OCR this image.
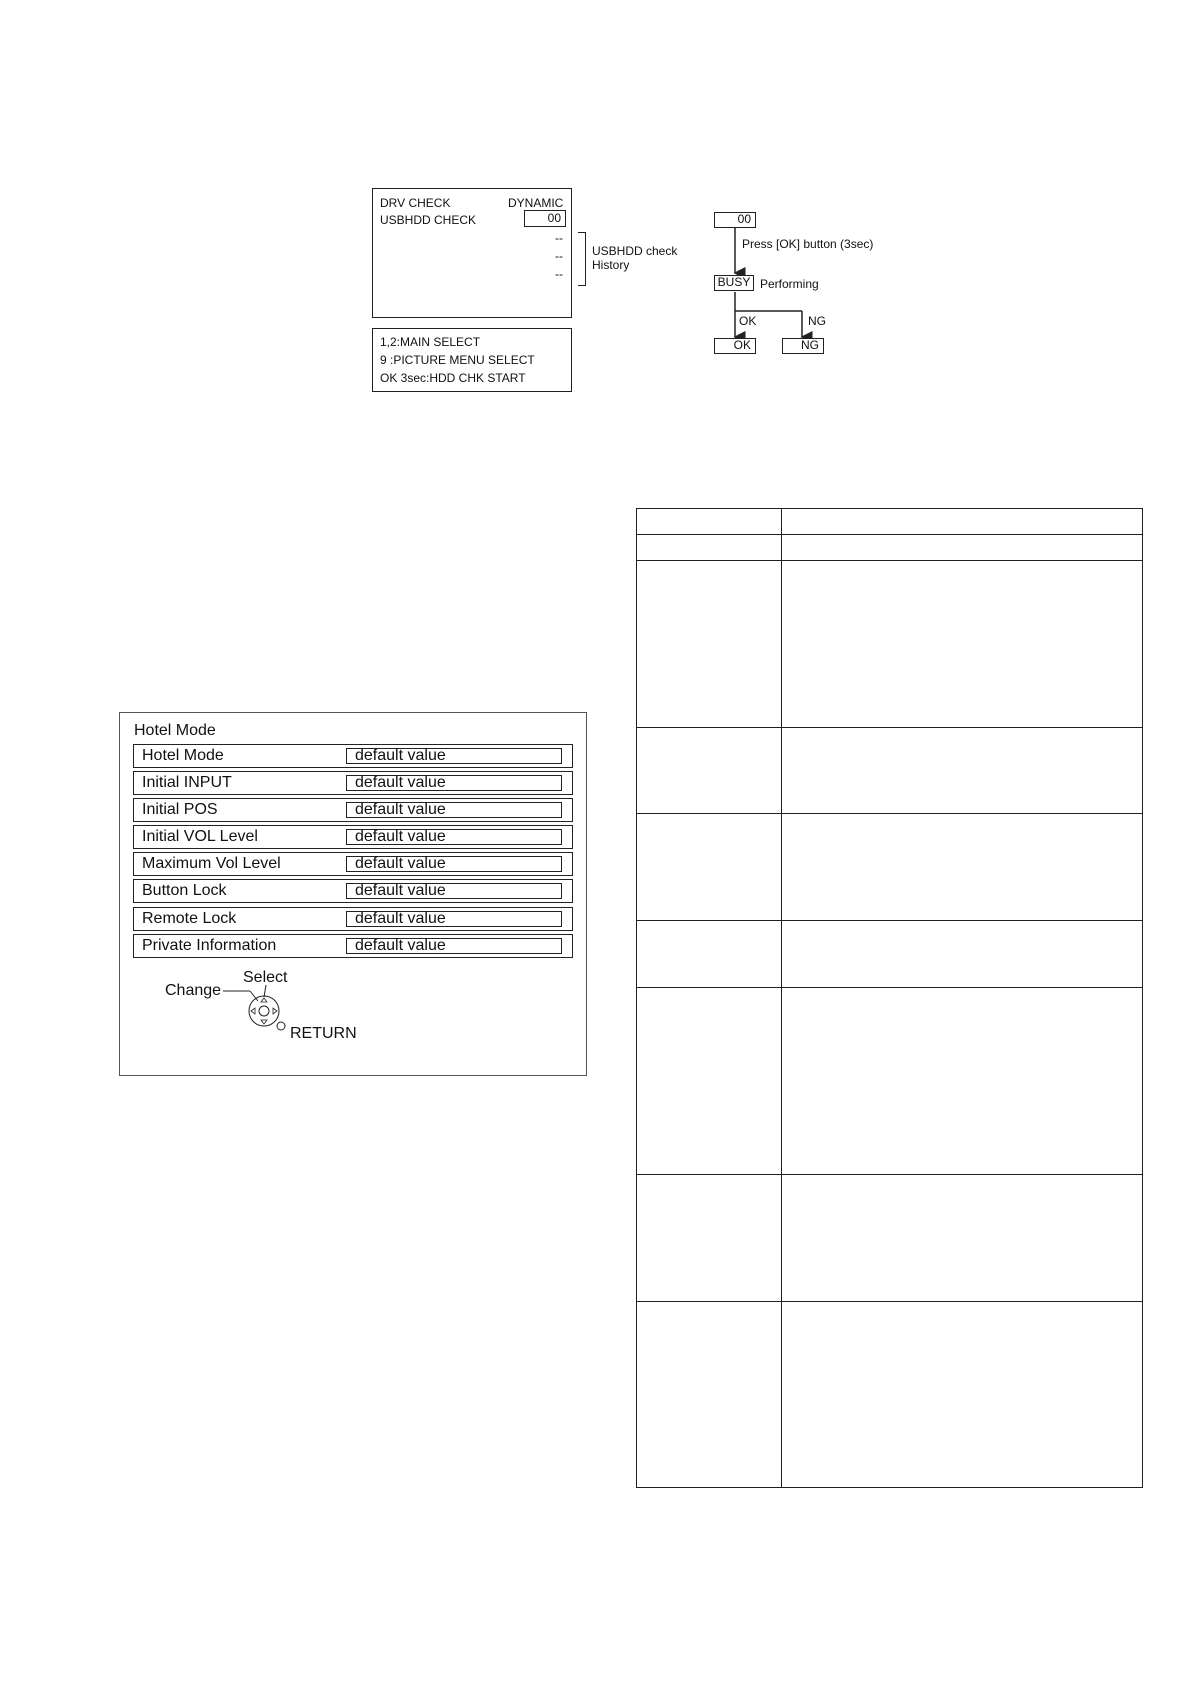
DRV CHECK	DYNAMIC
USBHDD CHECK	00
--
--
--
USBHDD check
History
1,2:MAIN SELECT
9 :PICTURE MENU SELECT
OK 3sec:HDD CHK START
00
Press [OK] button (3sec)
BUSY Performing
OK	NG
OK	NG
Hotel Mode
Hotel Mode	default value
Initial INPUT	default value
Initial POS	default value
Initial VOL Level	default value
Maximum Vol Level	default value
Button Lock	default value
Remote Lock	default value
Private Information	default value
Change
Select
RETURN
